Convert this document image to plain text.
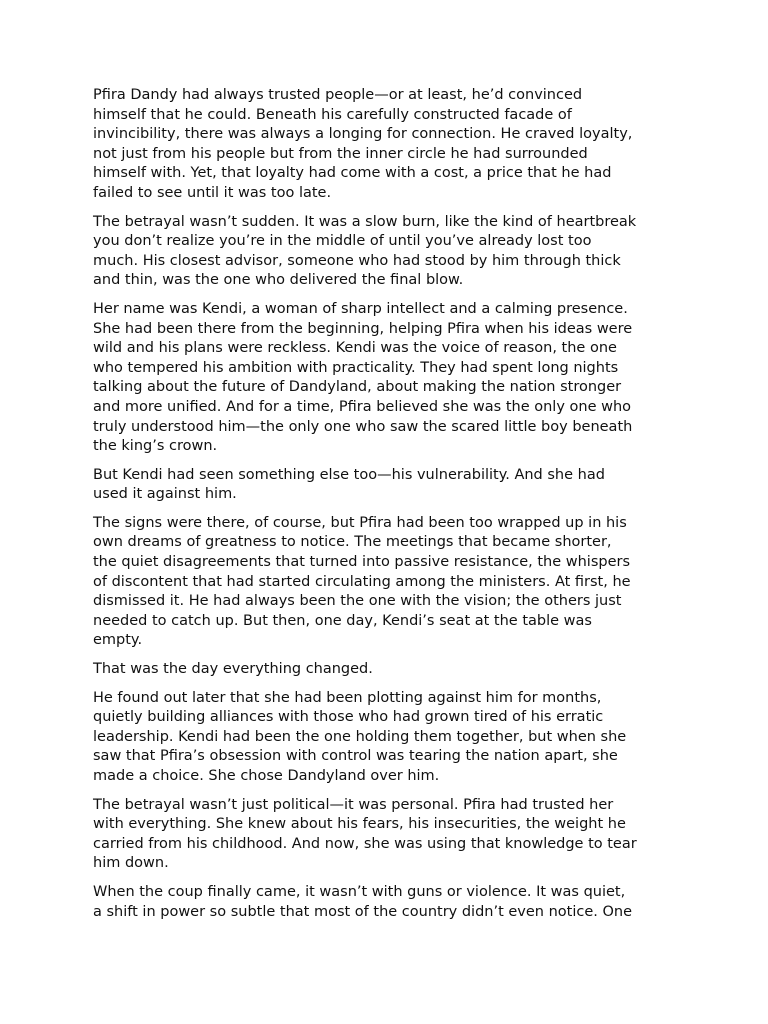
Pfira Dandy had always trusted people—or at least, he’d convinced
himself that he could. Beneath his carefully constructed facade of
invincibility, there was always a longing for connection. He craved loyalty,
not just from his people but from the inner circle he had surrounded
himself with. Yet, that loyalty had come with a cost, a price that he had
failed to see until it was too late.

The betrayal wasn’t sudden. It was a slow burn, like the kind of heartbreak
you don’t realize you’re in the middle of until you’ve already lost too
much. His closest advisor, someone who had stood by him through thick
and thin, was the one who delivered the final blow.

Her name was Kendi, a woman of sharp intellect and a calming presence.
She had been there from the beginning, helping Pfira when his ideas were
wild and his plans were reckless. Kendi was the voice of reason, the one
who tempered his ambition with practicality. They had spent long nights
talking about the future of Dandyland, about making the nation stronger
and more unified. And for a time, Pfira believed she was the only one who
truly understood him—the only one who saw the scared little boy beneath
the king’s crown.

But Kendi had seen something else too—his vulnerability. And she had
used it against him.

The signs were there, of course, but Pfira had been too wrapped up in his
own dreams of greatness to notice. The meetings that became shorter,
the quiet disagreements that turned into passive resistance, the whispers
of discontent that had started circulating among the ministers. At first, he
dismissed it. He had always been the one with the vision; the others just
needed to catch up. But then, one day, Kendi’s seat at the table was
empty.

That was the day everything changed.

He found out later that she had been plotting against him for months,
quietly building alliances with those who had grown tired of his erratic
leadership. Kendi had been the one holding them together, but when she
saw that Pfira’s obsession with control was tearing the nation apart, she
made a choice. She chose Dandyland over him.

The betrayal wasn’t just political—it was personal. Pfira had trusted her
with everything. She knew about his fears, his insecurities, the weight he
carried from his childhood. And now, she was using that knowledge to tear
him down.

When the coup finally came, it wasn’t with guns or violence. It was quiet,
a shift in power so subtle that most of the country didn’t even notice. One
